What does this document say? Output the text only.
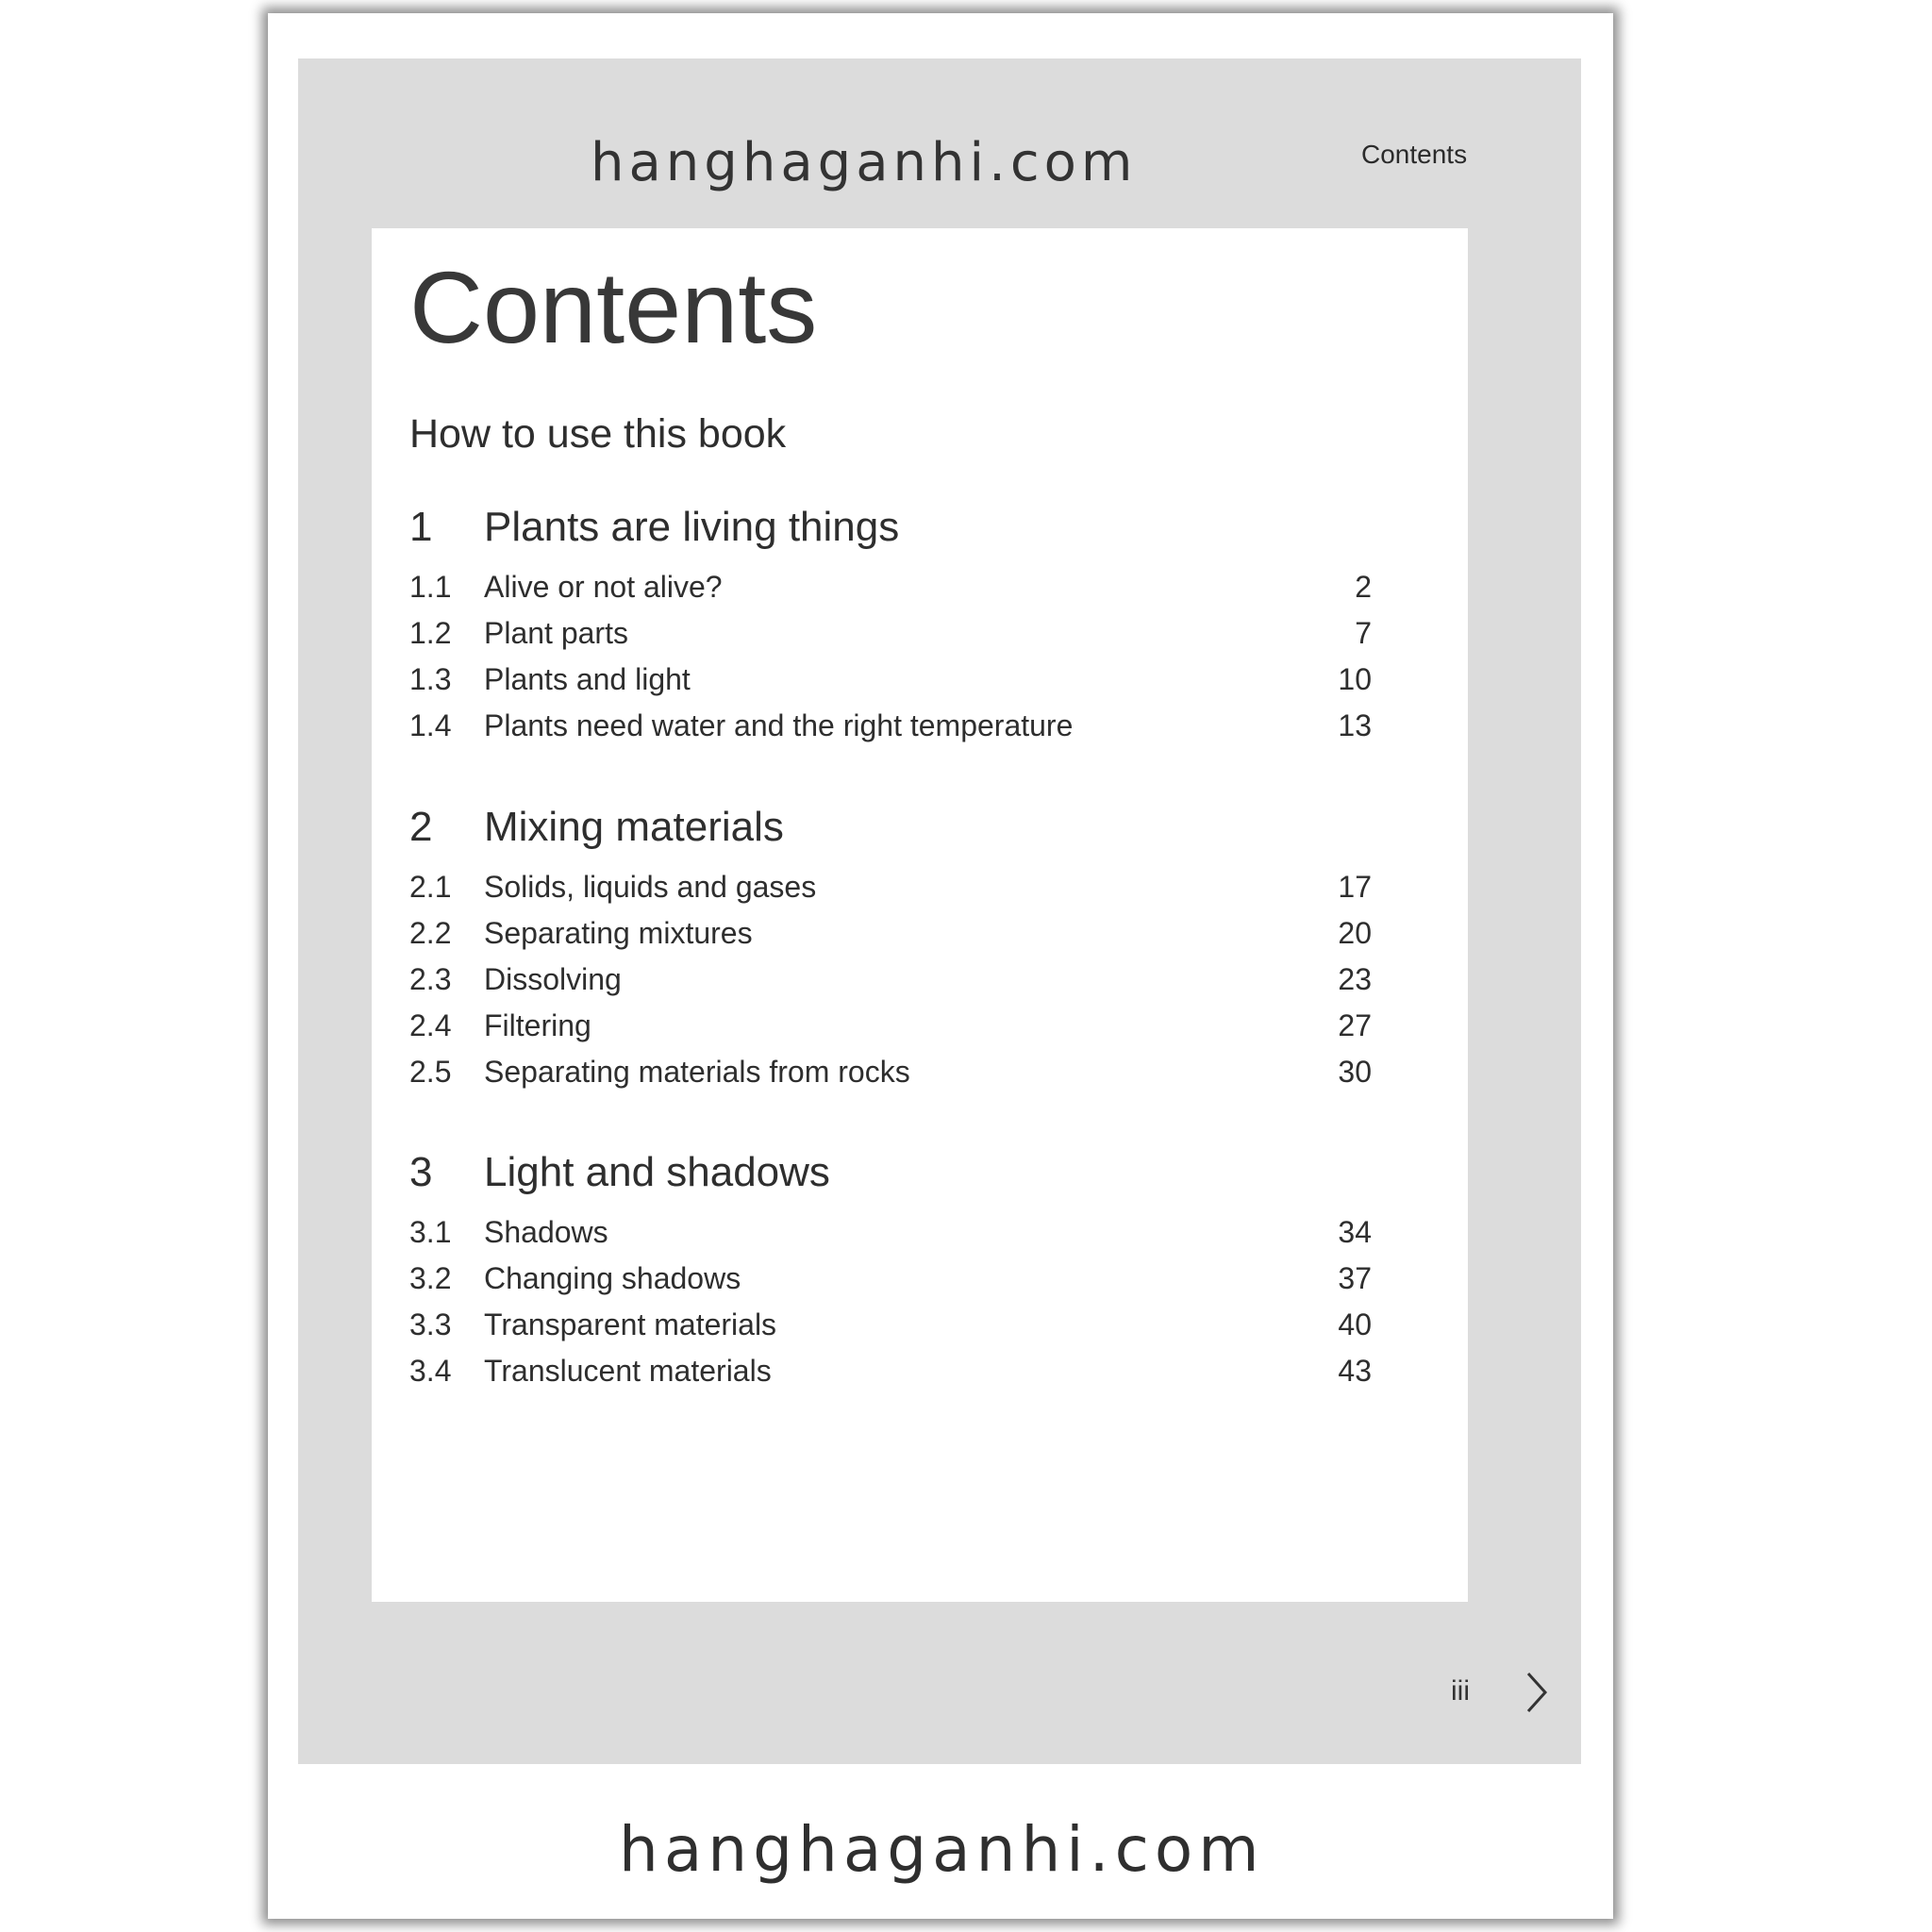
hanghaganhi.com	Contents
Contents
How to use this book
1	Plants are living things
1.1	Alive or not alive?	2
1.2	Plant parts	7
1.3	Plants and light	10
1.4	Plants need water and the right temperature	13
2	Mixing materials
2.1	Solids, liquids and gases	17
2.2	Separating mixtures	20
2.3	Dissolving	23
2.4	Filtering	27
2.5	Separating materials from rocks	30
3	Light and shadows
3.1	Shadows	34
3.2	Changing shadows	37
3.3	Transparent materials	40
3.4	Translucent materials	43
iii
hanghaganhi.com
